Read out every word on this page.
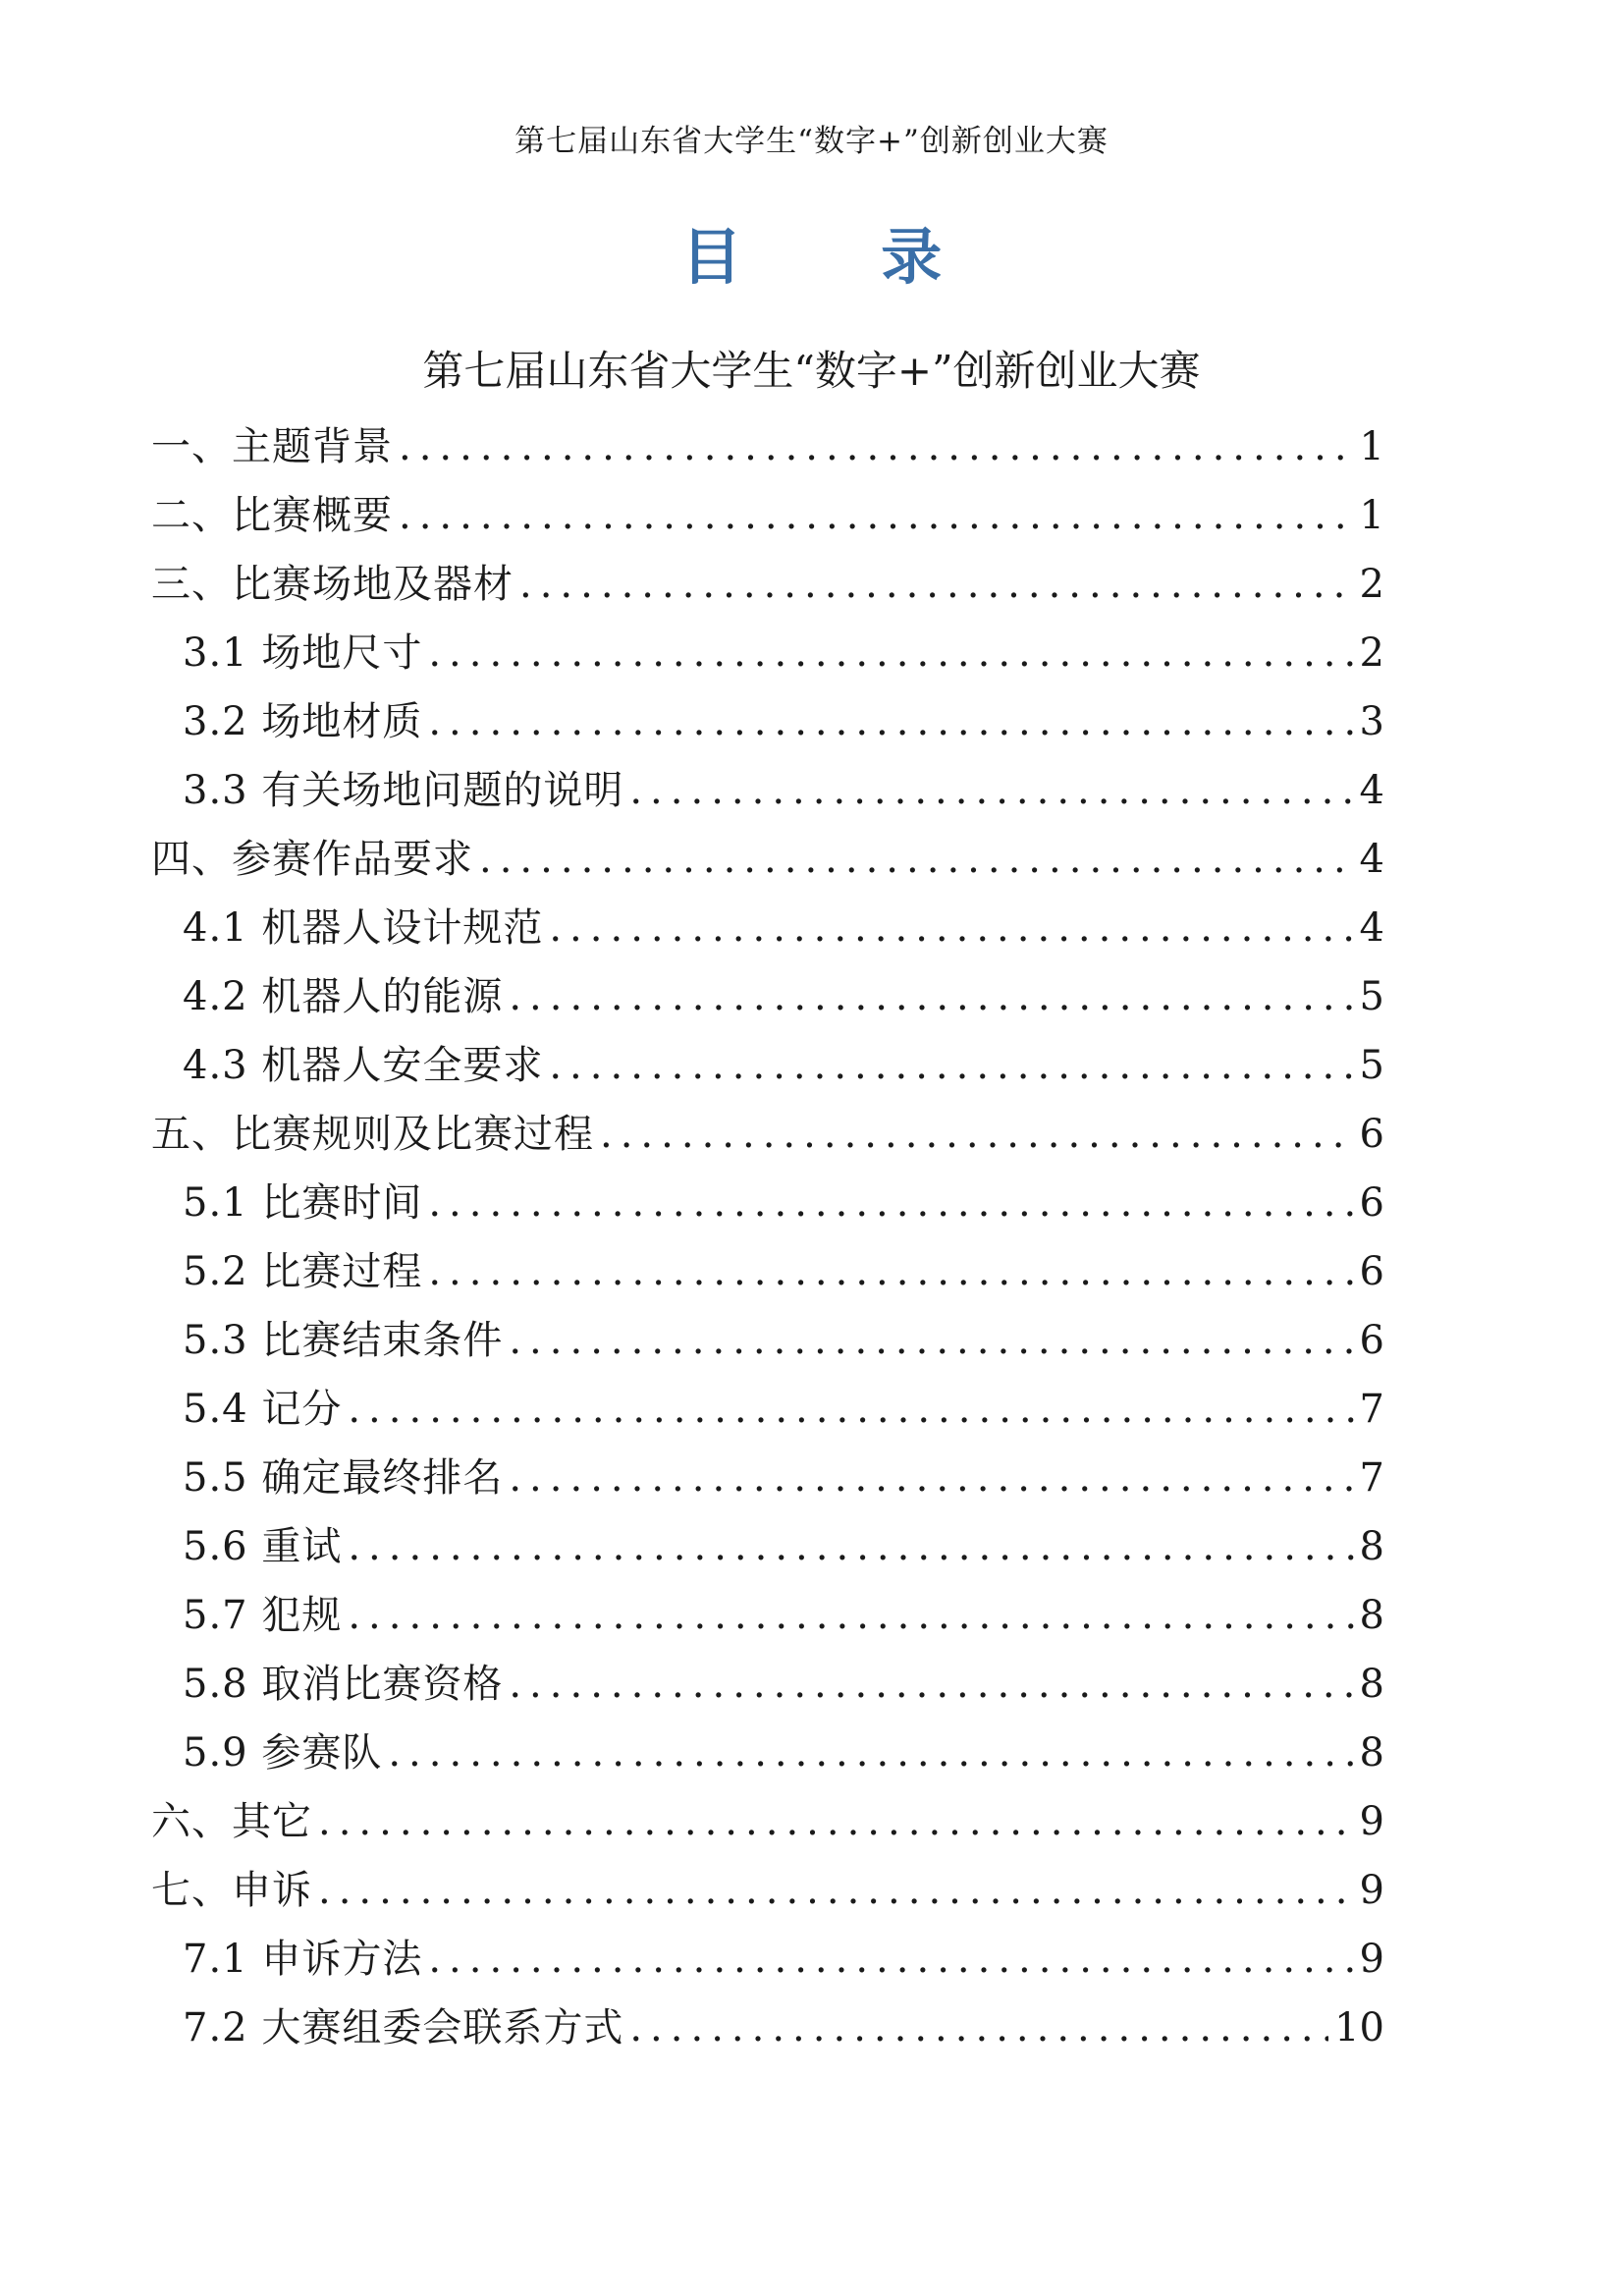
第七届山东省大学生“数字+”创新创业大赛
目 录
第七届山东省大学生“数字+”创新创业大赛
一、主题背景 .....	1
二、比赛概要 .....	1
三、比赛场地及器材 .....	2
3.1 场地尺寸 .....	2
3.2 场地材质 .....	3
3.3 有关场地问题的说明 .....	4
四、参赛作品要求 .....	4
4.1 机器人设计规范 .....	4
4.2 机器人的能源 .....	5
4.3 机器人安全要求 .....	5
五、比赛规则及比赛过程 .....	6
5.1 比赛时间 .....	6
5.2 比赛过程 .....	6
5.3 比赛结束条件 .....	6
5.4 记分 .....	7
5.5 确定最终排名 .....	7
5.6 重试 .....	8
5.7 犯规 .....	8
5.8 取消比赛资格 .....	8
5.9 参赛队 .....	8
六、其它 .....	9
七、申诉 .....	9
7.1 申诉方法 .....	9
7.2 大赛组委会联系方式 .....	10
